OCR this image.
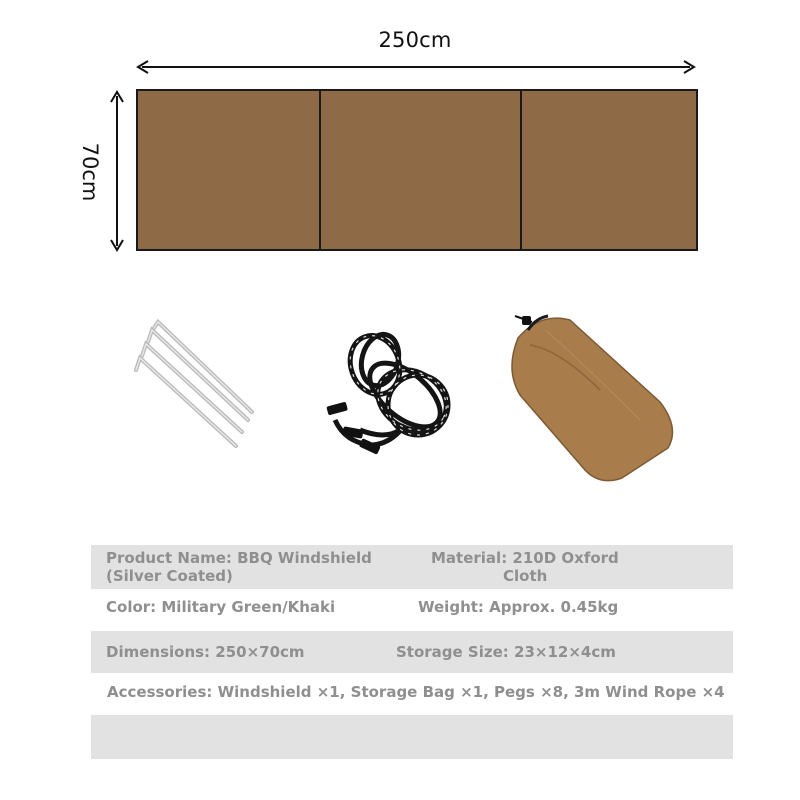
250cm
70cm
Product Name: BBQ Windshield
(Silver Coated)
Material: 210D Oxford
Cloth
Color: Military Green/Khaki	Weight: Approx. 0.45kg
Dimensions: 250×70cm	Storage Size: 23×12×4cm
Accessories: Windshield ×1, Storage Bag ×1, Pegs ×8, 3m Wind Rope ×4
